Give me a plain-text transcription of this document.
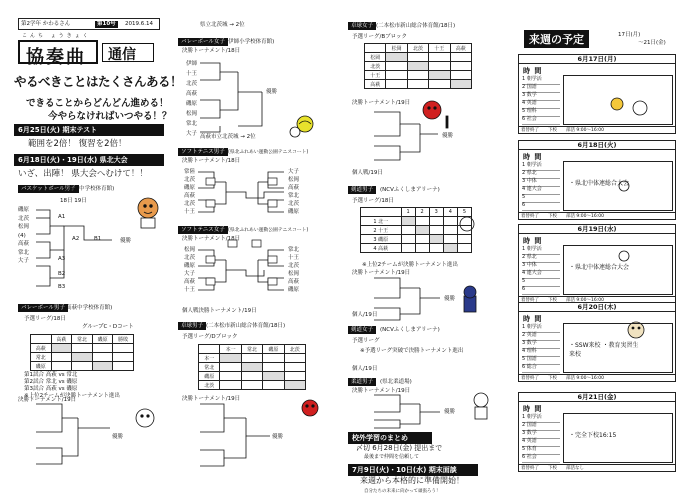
第2学年 かわるさん	第10号	2019.6.14
こんち ょうきょく
協奏曲 通信
やるべきことはたくさんある！
できることからどんどん進める！
今やらなければいつやる！？
6月25日(火) 期末テスト
範囲を2倍！ 復習を2倍！
6月18日(火)・19日(水) 県北大会
いざ、出陣！ 県大会へむけて！！
バスケットボール男子
(高萩中学校体育館)
18日 19日
磯原
北茨
松岡
(4)
高萩
常北
大子
A1
A2
A3
B1
B2
B3
優勝
バレーボール男子 (高萩中学校体育館)
予選リーグ/18日
グループC・Dコート
	高萩	常北	磯原	勝敗
高萩				
常北				
磯原				
第1試合 高萩 vs 常北
第2試合 常北 vs 磯原
第3試合 高萩 vs 磯原
※上位2チームが決勝トーナメント進出
決勝トーナメント/19日
優勝
県立北茨城 → 2位
バレーボール女子 (伊師小学校体育館)
決勝トーナメント/18日
伊師
十王
北茨
高萩
磯原
松岡
常北
大子
優勝
高萩市立北茨城 → 2位
ソフトテニス男子 (県北ふれあい運動公園テニスコート)
決勝トーナメント/18日
常陸
北茨
磯原
高萩
北茨
十王
大子
松岡
高萩
常北
北茨
磯原
ソフトテニス女子 (県北ふれあい運動公園テニスコート)
決勝トーナメント/18日
松岡
北茨
磯原
大子
高萩
十王
常北
十王
北茨
松岡
高萩
磯原
個人戦決勝トーナメント/19日
卓球男子 (二本松市新山総合体育館/18日)
予選リーグ/Dブロック
	本一	常北	磯原	北茨
本一				
常北				
磯原				
北茨				
決勝トーナメント/19日
優勝
卓球女子 (二本松市新山総合体育館/18日)
予選リーグ/Bブロック
	松岡	北茨	十王	高萩
松岡				
北茨				
十王				
高萩				
決勝トーナメント/19日
優勝
個人戦/19日
剣道男子	(NCVふくしまアリーナ)
予選リーグ/18日
	1	2	3	4	5
1 北一					
2 十王					
3 磯原					
4 高萩					
※上位2チームが決勝トーナメント進出
決勝トーナメント/19日
優勝
個人/19日
剣道女子	(NCVふくしまアリーナ)
予選リーグ
※予選リーグ突破で決勝トーナメント進出
個人/19日
柔道男子	(県北柔道場)
決勝トーナメント/19日
優勝
校外学習のまとめ
〆切 6月28日(金) 提出まで
最後まで仲間を信頼して
7月9日(火)・10日(水) 期末面談
来週から本格的に準備開始！
自分たちの未来に向かって頑張ろう！
来週の予定	17日(月)
〜21日(金)
6月17日(月)
時 間
1 朝学活
2 国語
3 数学
4 英語
5 理科
6 社会
着替終了　　下校　　部活 9:00〜16:00
6月18日(火)
時 間
1 朝学活
2 県北
3 中体
4 連大会
5
6
・県北中体連総合大会
着替終了　　下校　　部活 9:00〜16:00
6月19日(水)
時 間
1 朝学活
2 県北
3 中体
4 連大会
5
6
・県北中体連総合大会
着替終了　　下校　　部活 9:00〜16:00
6月20日(木)
時 間
1 朝学活
2 英語
3 数学
4 理科
5 国語
6 総合
・SSW来校 ・教育実習生来校
着替終了　　下校　　部活 9:00〜16:00
6月21日(金)
時 間
1 朝学活
2 国語
3 数学
4 英語
5 体育
6 社会
・完全下校16:15
着替終了　　下校　　部活なし
